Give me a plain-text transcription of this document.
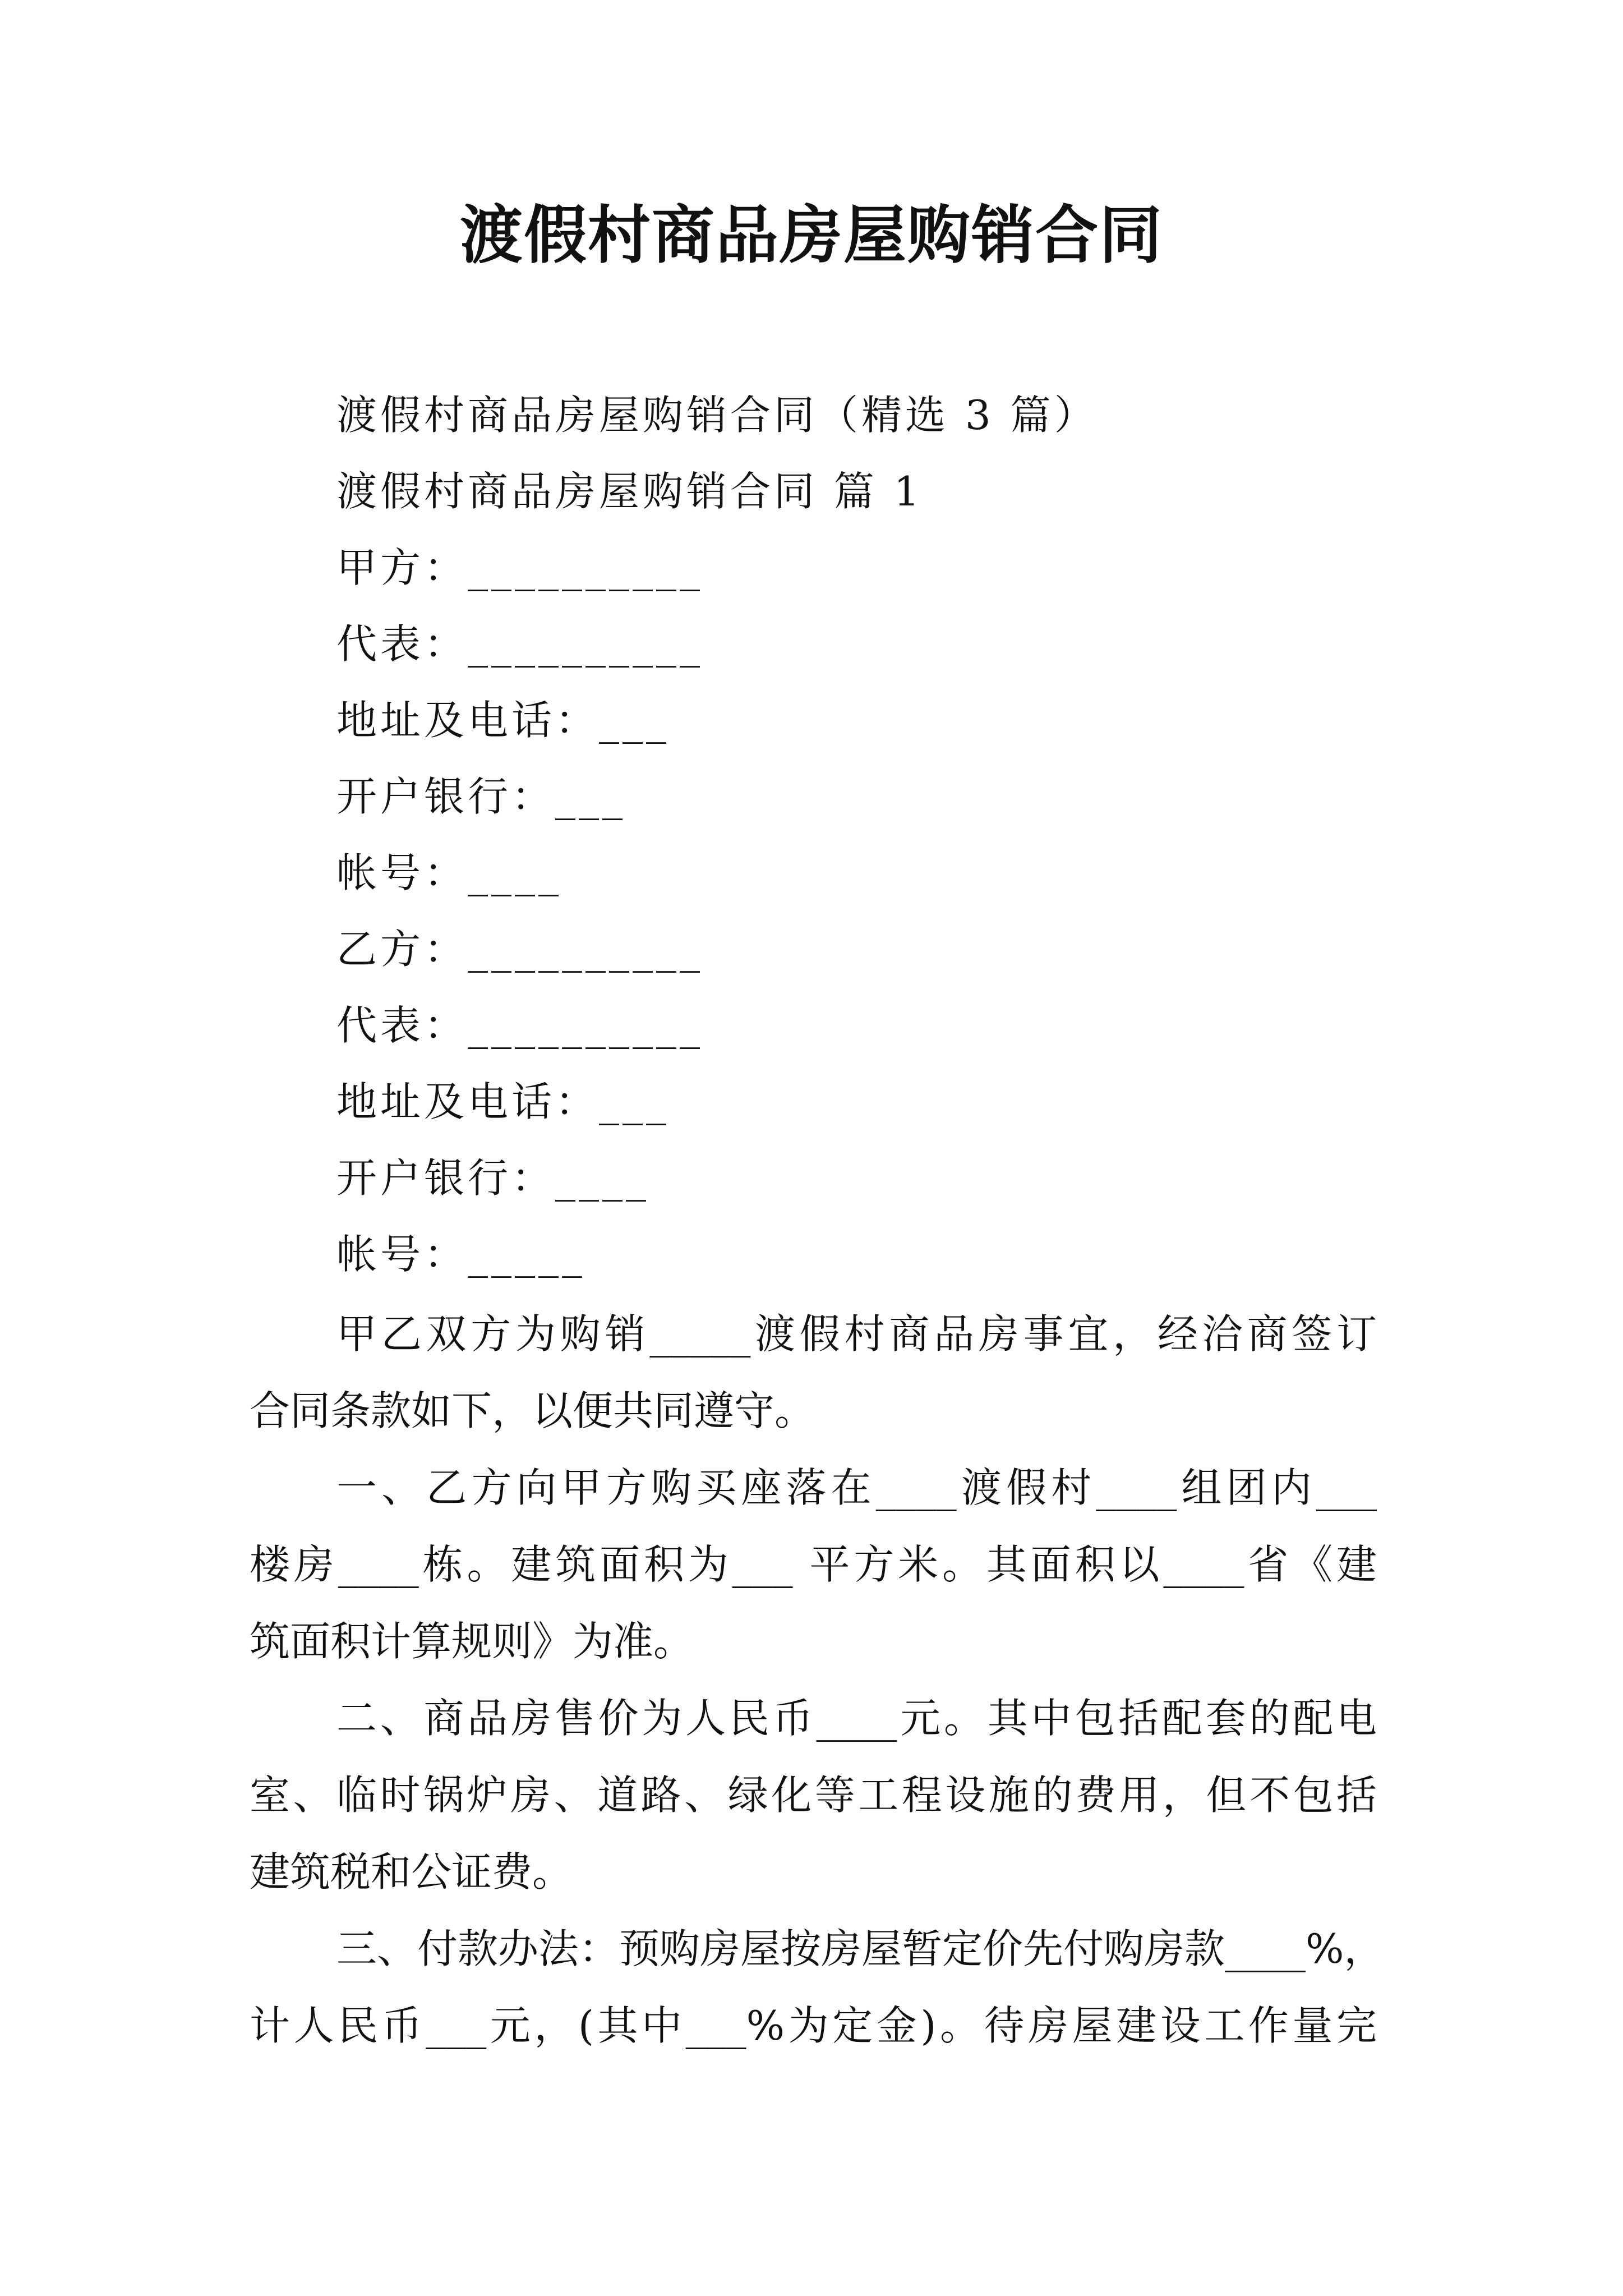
渡假村商品房屋购销合同

渡假村商品房屋购销合同（精选 3 篇）

渡假村商品房屋购销合同 篇 1

甲方：__________

代表：__________

地址及电话：___

开户银行：___

帐号：____

乙方：__________

代表：__________

地址及电话：___

开户银行：____

帐号：_____

甲乙双方为购销_____渡假村商品房事宜，经洽商签订
合同条款如下，以便共同遵守。
一、乙方向甲方购买座落在____渡假村____组团内___
楼房____栋。建筑面积为___ 平方米。其面积以____省《建
筑面积计算规则》为准。
二、商品房售价为人民币____元。其中包括配套的配电
室、临时锅炉房、道路、绿化等工程设施的费用，但不包括
建筑税和公证费。
三、付款办法：预购房屋按房屋暂定价先付购房款____%，
计人民币___元，(其中___%为定金)。待房屋建设工作量完
